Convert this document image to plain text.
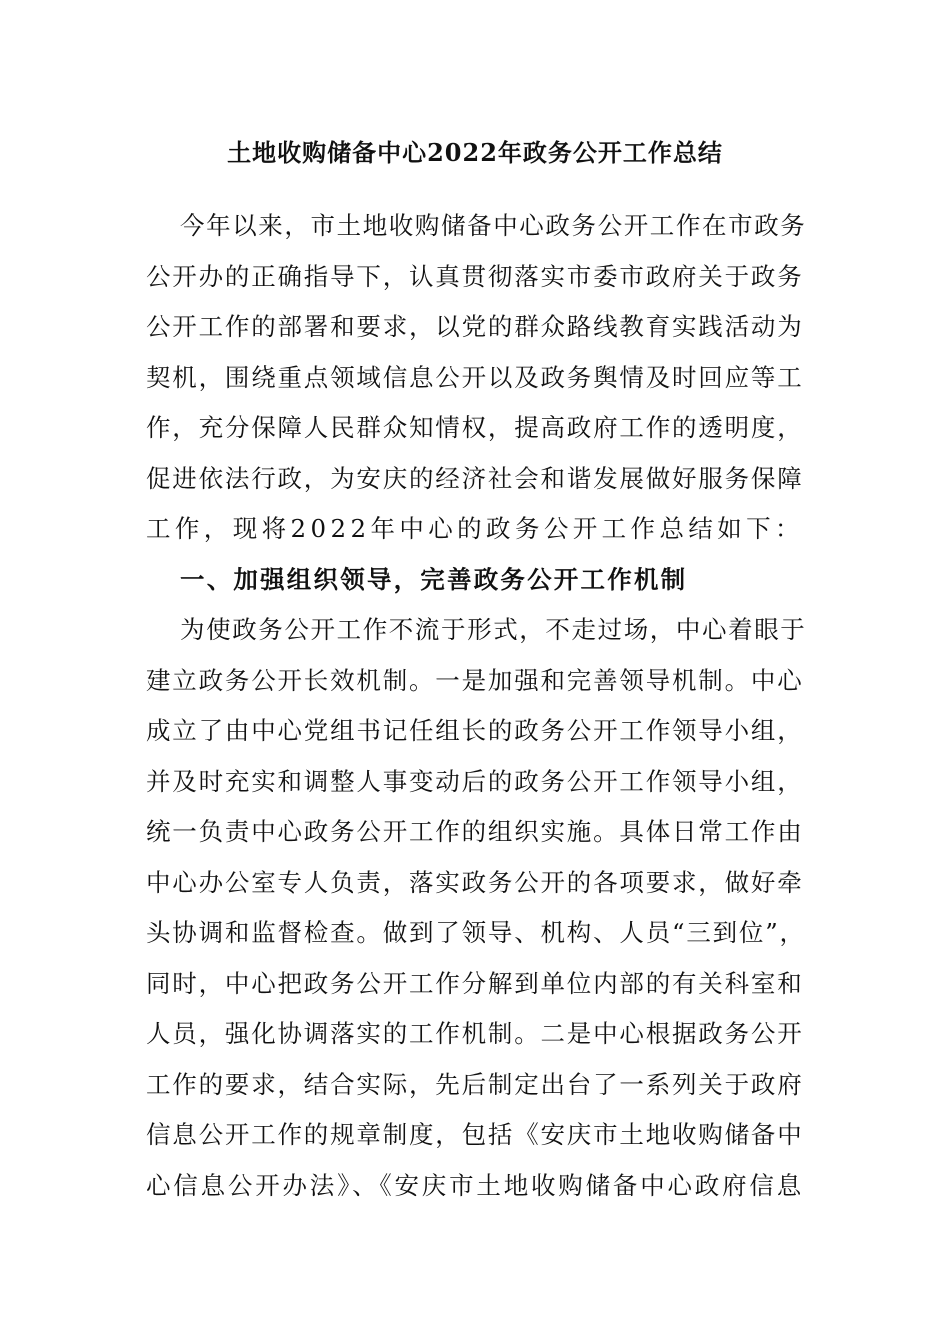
土地收购储备中心2022年政务公开工作总结
今年以来，市土地收购储备中心政务公开工作在市政务
公开办的正确指导下，认真贯彻落实市委市政府关于政务
公开工作的部署和要求，以党的群众路线教育实践活动为
契机，围绕重点领域信息公开以及政务舆情及时回应等工
作，充分保障人民群众知情权，提高政府工作的透明度，
促进依法行政，为安庆的经济社会和谐发展做好服务保障
工作，现将2022年中心的政务公开工作总结如下：
一、加强组织领导，完善政务公开工作机制
为使政务公开工作不流于形式，不走过场，中心着眼于
建立政务公开长效机制。一是加强和完善领导机制。中心
成立了由中心党组书记任组长的政务公开工作领导小组，
并及时充实和调整人事变动后的政务公开工作领导小组，
统一负责中心政务公开工作的组织实施。具体日常工作由
中心办公室专人负责，落实政务公开的各项要求，做好牵
头协调和监督检查。做到了领导、机构、人员“三到位”，
同时，中心把政务公开工作分解到单位内部的有关科室和
人员，强化协调落实的工作机制。二是中心根据政务公开
工作的要求，结合实际，先后制定出台了一系列关于政府
信息公开工作的规章制度，包括《安庆市土地收购储备中
心信息公开办法》、《安庆市土地收购储备中心政府信息
